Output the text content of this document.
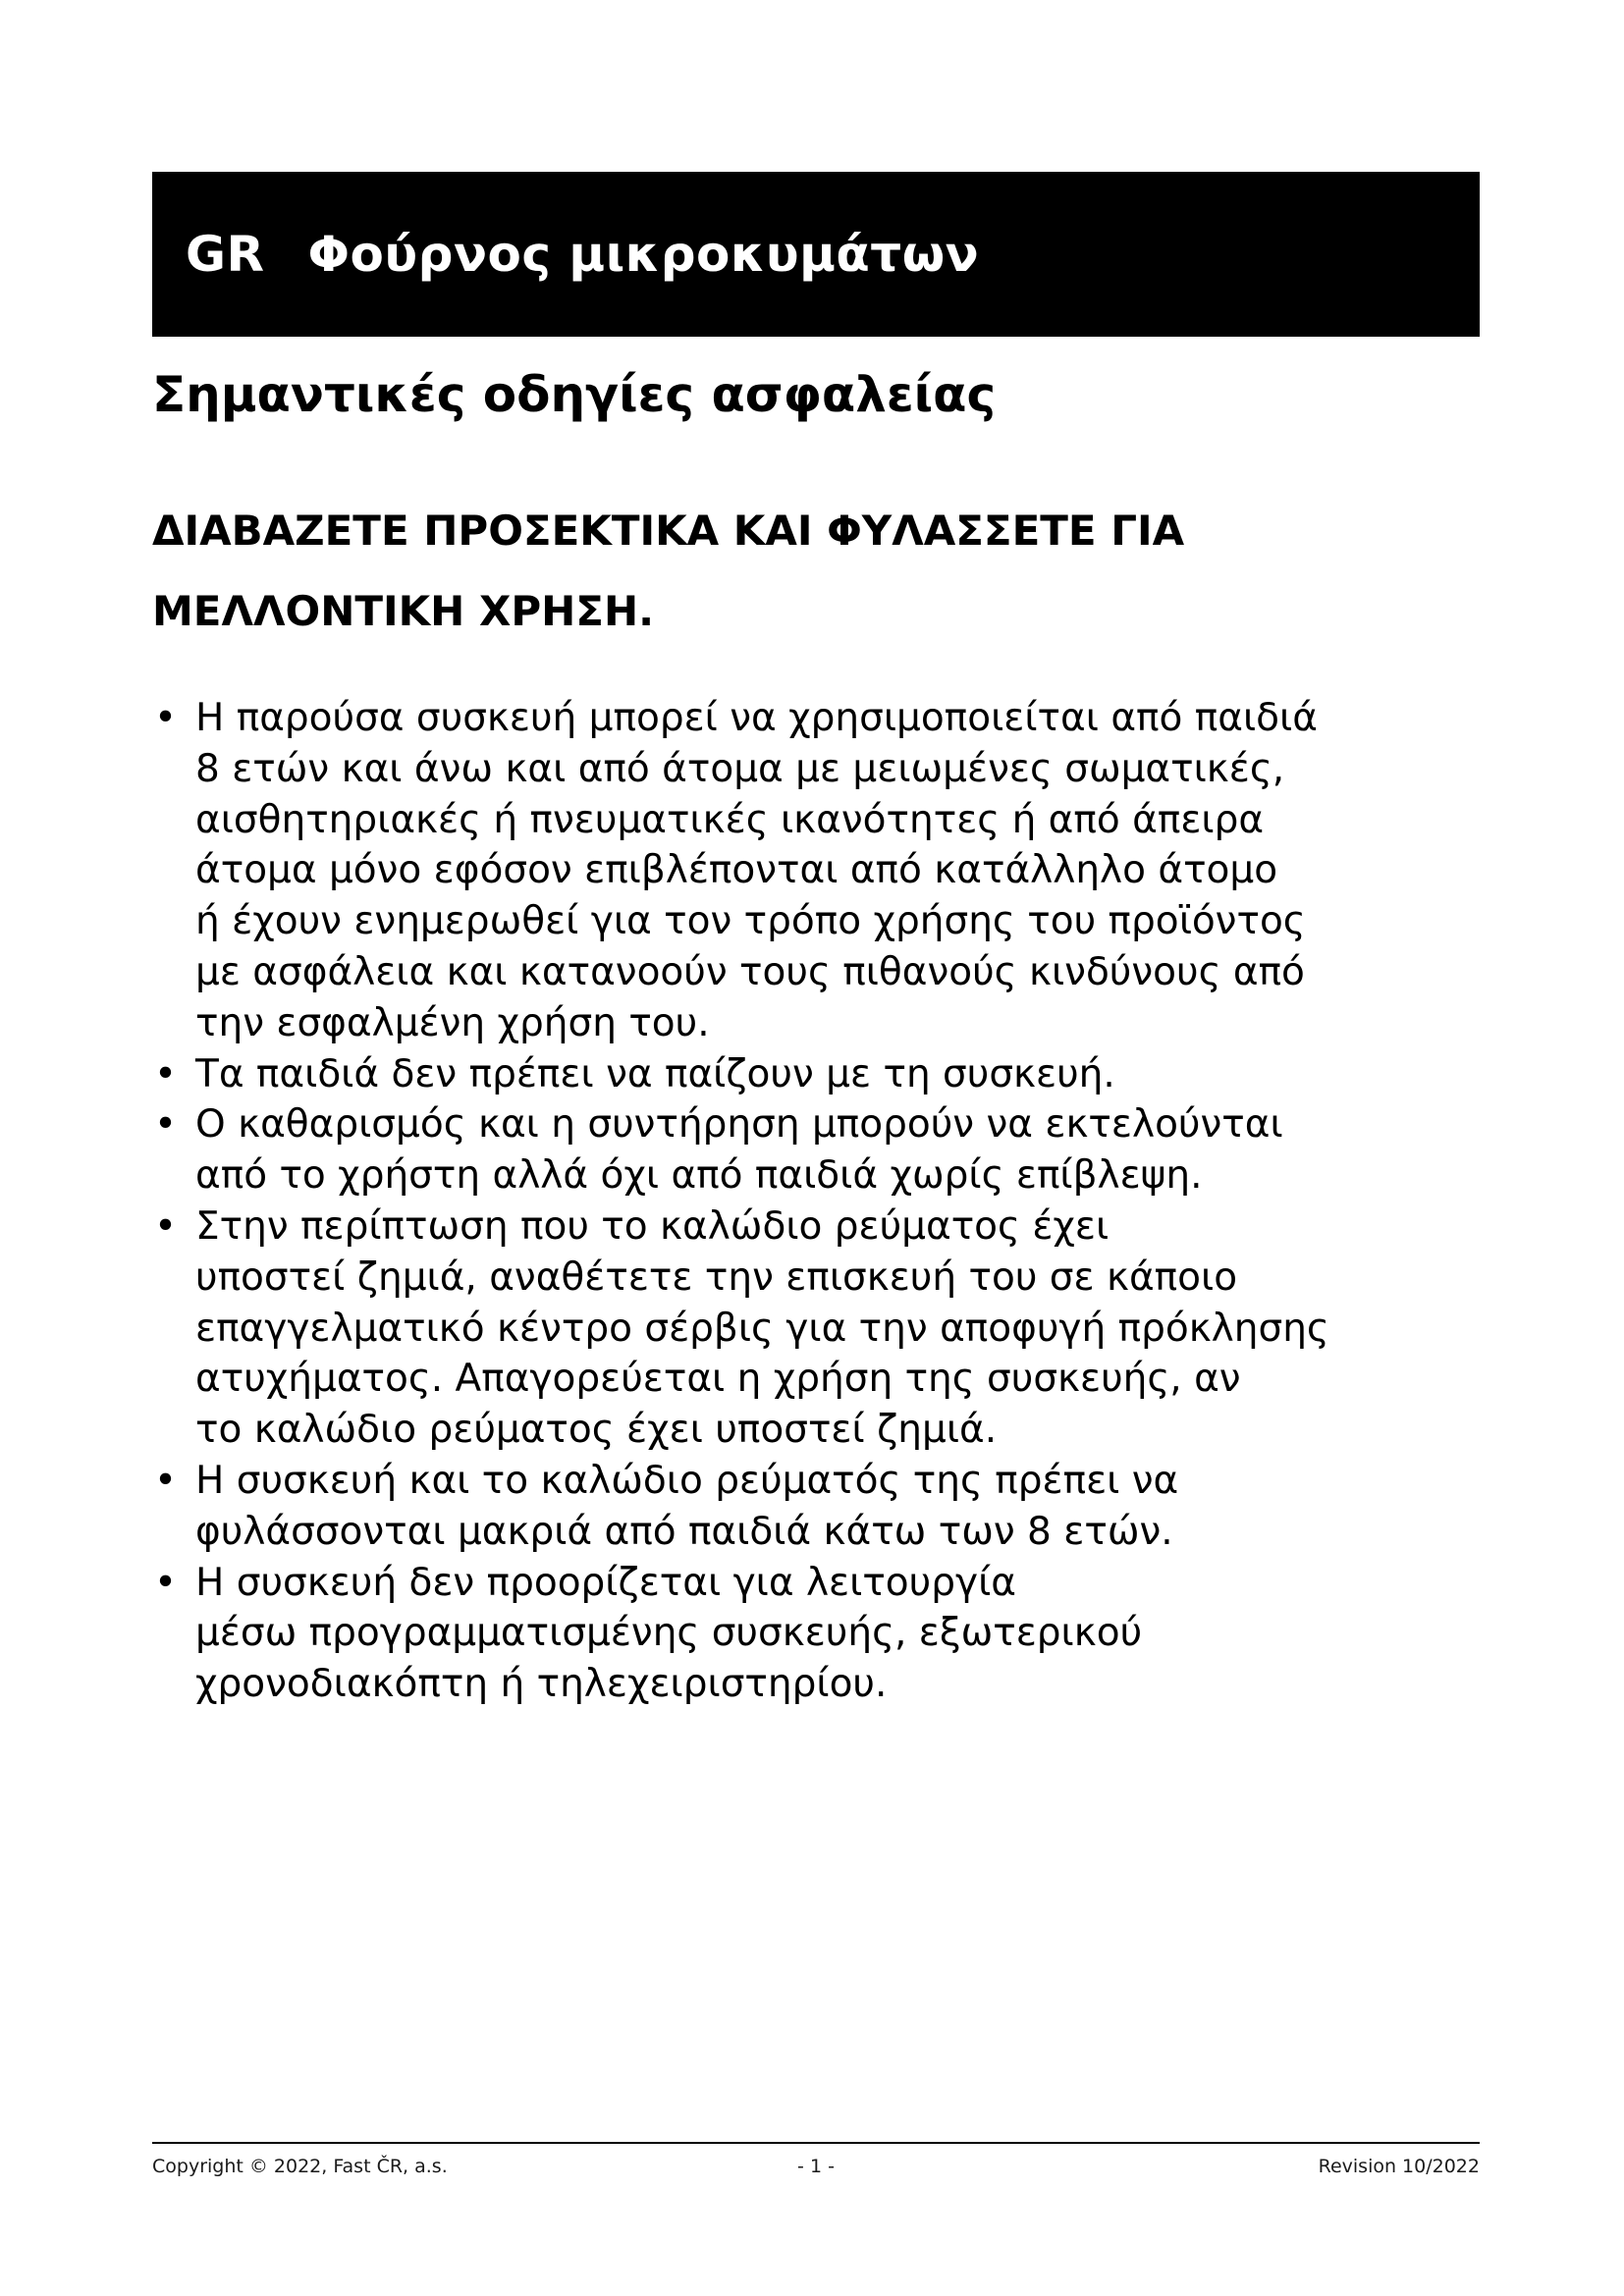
GR Φούρνος μικροκυμάτων
Σημαντικές οδηγίες ασφαλείας
ΔΙΑΒΑΖΕΤΕ ΠΡΟΣΕΚΤΙΚΑ ΚΑΙ ΦΥΛΑΣΣΕΤΕ ΓΙΑ
ΜΕΛΛΟΝΤΙΚΗ ΧΡΗΣΗ.
• Η παρούσα συσκευή μπορεί να χρησιμοποιείται από παιδιά
8 ετών και άνω και από άτομα με μειωμένες σωματικές,
αισθητηριακές ή πνευματικές ικανότητες ή από άπειρα
άτομα μόνο εφόσον επιβλέπονται από κατάλληλο άτομο
ή έχουν ενημερωθεί για τον τρόπο χρήσης του προϊόντος
με ασφάλεια και κατανοούν τους πιθανούς κινδύνους από
την εσφαλμένη χρήση του.
• Τα παιδιά δεν πρέπει να παίζουν με τη συσκευή.
• Ο καθαρισμός και η συντήρηση μπορούν να εκτελούνται
από το χρήστη αλλά όχι από παιδιά χωρίς επίβλεψη.
• Στην περίπτωση που το καλώδιο ρεύματος έχει
υποστεί ζημιά, αναθέτετε την επισκευή του σε κάποιο
επαγγελματικό κέντρο σέρβις για την αποφυγή πρόκλησης
ατυχήματος. Απαγορεύεται η χρήση της συσκευής, αν
το καλώδιο ρεύματος έχει υποστεί ζημιά.
• Η συσκευή και το καλώδιο ρεύματός της πρέπει να
φυλάσσονται μακριά από παιδιά κάτω των 8 ετών.
• Η συσκευή δεν προορίζεται για λειτουργία
μέσω προγραμματισμένης συσκευής, εξωτερικού
χρονοδιακόπτη ή τηλεχειριστηρίου.
Copyright © 2022, Fast ČR, a.s.	- 1 -	Revision 10/2022
